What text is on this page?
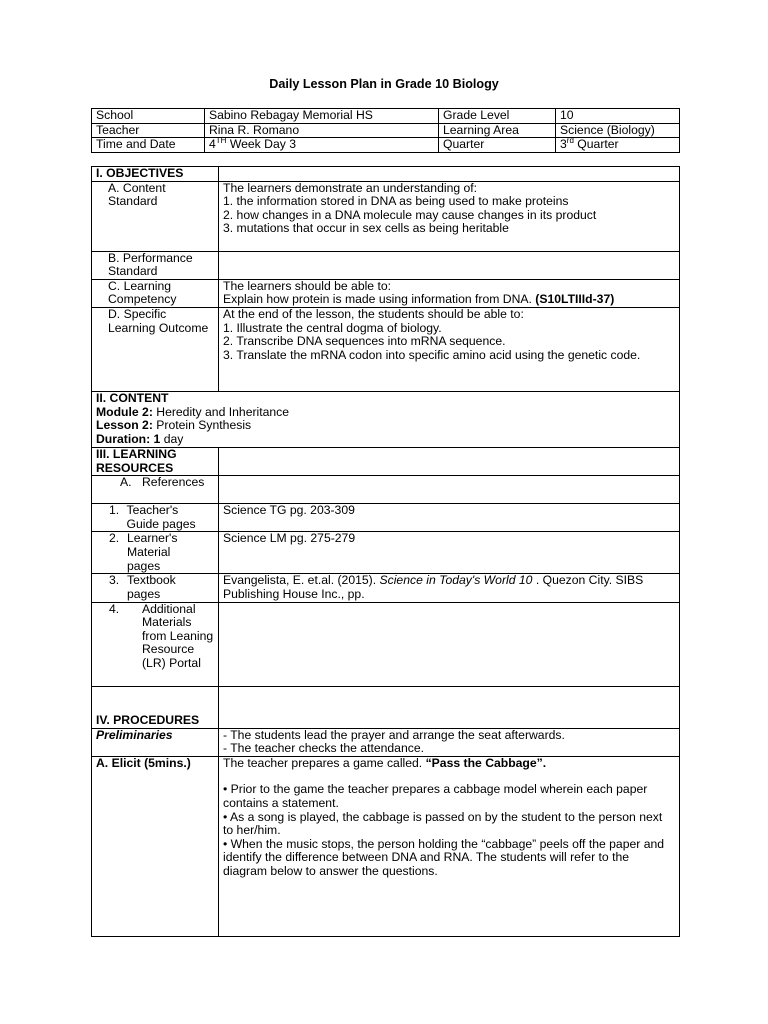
Daily Lesson Plan in Grade 10 Biology
School	Sabino Rebagay Memorial HS	Grade Level	10
Teacher	Rina R. Romano	Learning Area	Science (Biology)
Time and Date	4TH Week Day 3	Quarter	3rd Quarter
I. OBJECTIVES	
A. Content Standard	The learners demonstrate an understanding of:
1. the information stored in DNA as being used to make proteins
2. how changes in a DNA molecule may cause changes in its product
3. mutations that occur in sex cells as being heritable

B. Performance Standard	
C. Learning Competency	The learners should be able to:
Explain how protein is made using information from DNA. (S10LTIIId-37)

D. Specific Learning Outcome	At the end of the lesson, the students should be able to:
1. Illustrate the central dogma of biology.
2. Transcribe DNA sequences into mRNA sequence.
3. Translate the mRNA codon into specific amino acid using the genetic code.

II. CONTENT
Module 2: Heredity and Inheritance
Lesson 2: Protein Synthesis
Duration: 1 day	

III. LEARNING RESOURCES	

A. References	

1. Teacher's Guide pages	Science TG pg. 203-309

2. Learner's Material pages	Science LM pg. 275-279

3. Textbook pages	Evangelista, E. et.al. (2015). Science in Today's World 10 . Quezon City. SIBS Publishing House Inc., pp.

4. Additional Materials from Leaning Resource (LR) Portal	

IV. PROCEDURES	
Preliminaries	- The students lead the prayer and arrange the seat afterwards.
- The teacher checks the attendance.

A. Elicit (5mins.)	The teacher prepares a game called. “Pass the Cabbage”.
• Prior to the game the teacher prepares a cabbage model wherein each paper contains a statement.
• As a song is played, the cabbage is passed on by the student to the person next to her/him.
• When the music stops, the person holding the “cabbage” peels off the paper and identify the difference between DNA and RNA. The students will refer to the diagram below to answer the questions.
